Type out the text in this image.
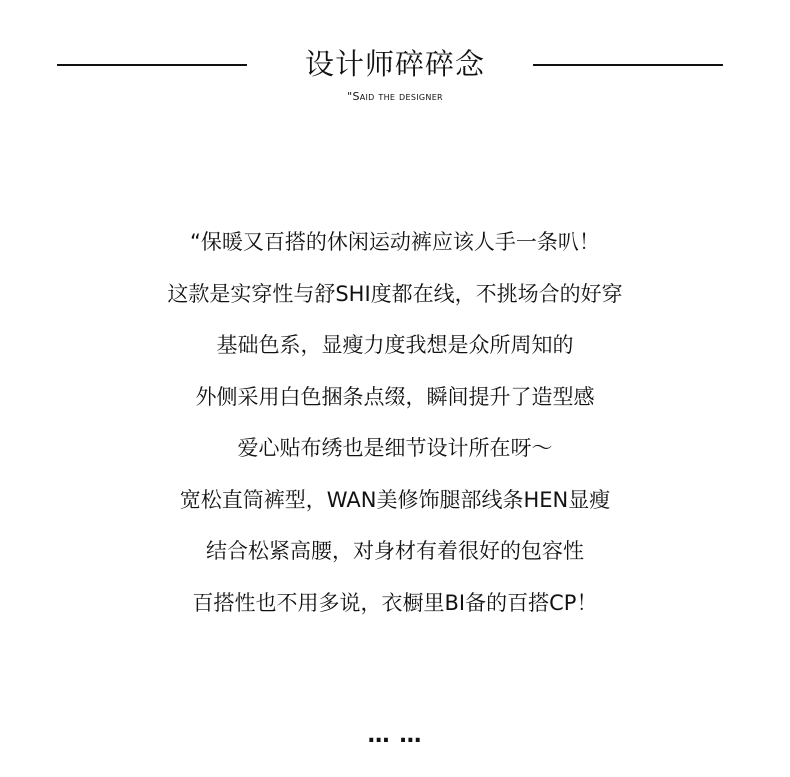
设计师碎碎念
"Said the designer
“保暖又百搭的休闲运动裤应该人手一条叭！
这款是实穿性与舒SHI度都在线，不挑场合的好穿
基础色系，显瘦力度我想是众所周知的
外侧采用白色捆条点缀，瞬间提升了造型感
爱心贴布绣也是细节设计所在呀～
宽松直筒裤型，WAN美修饰腿部线条HEN显瘦
结合松紧高腰，对身材有着很好的包容性
百搭性也不用多说，衣橱里BI备的百搭CP！
… …
